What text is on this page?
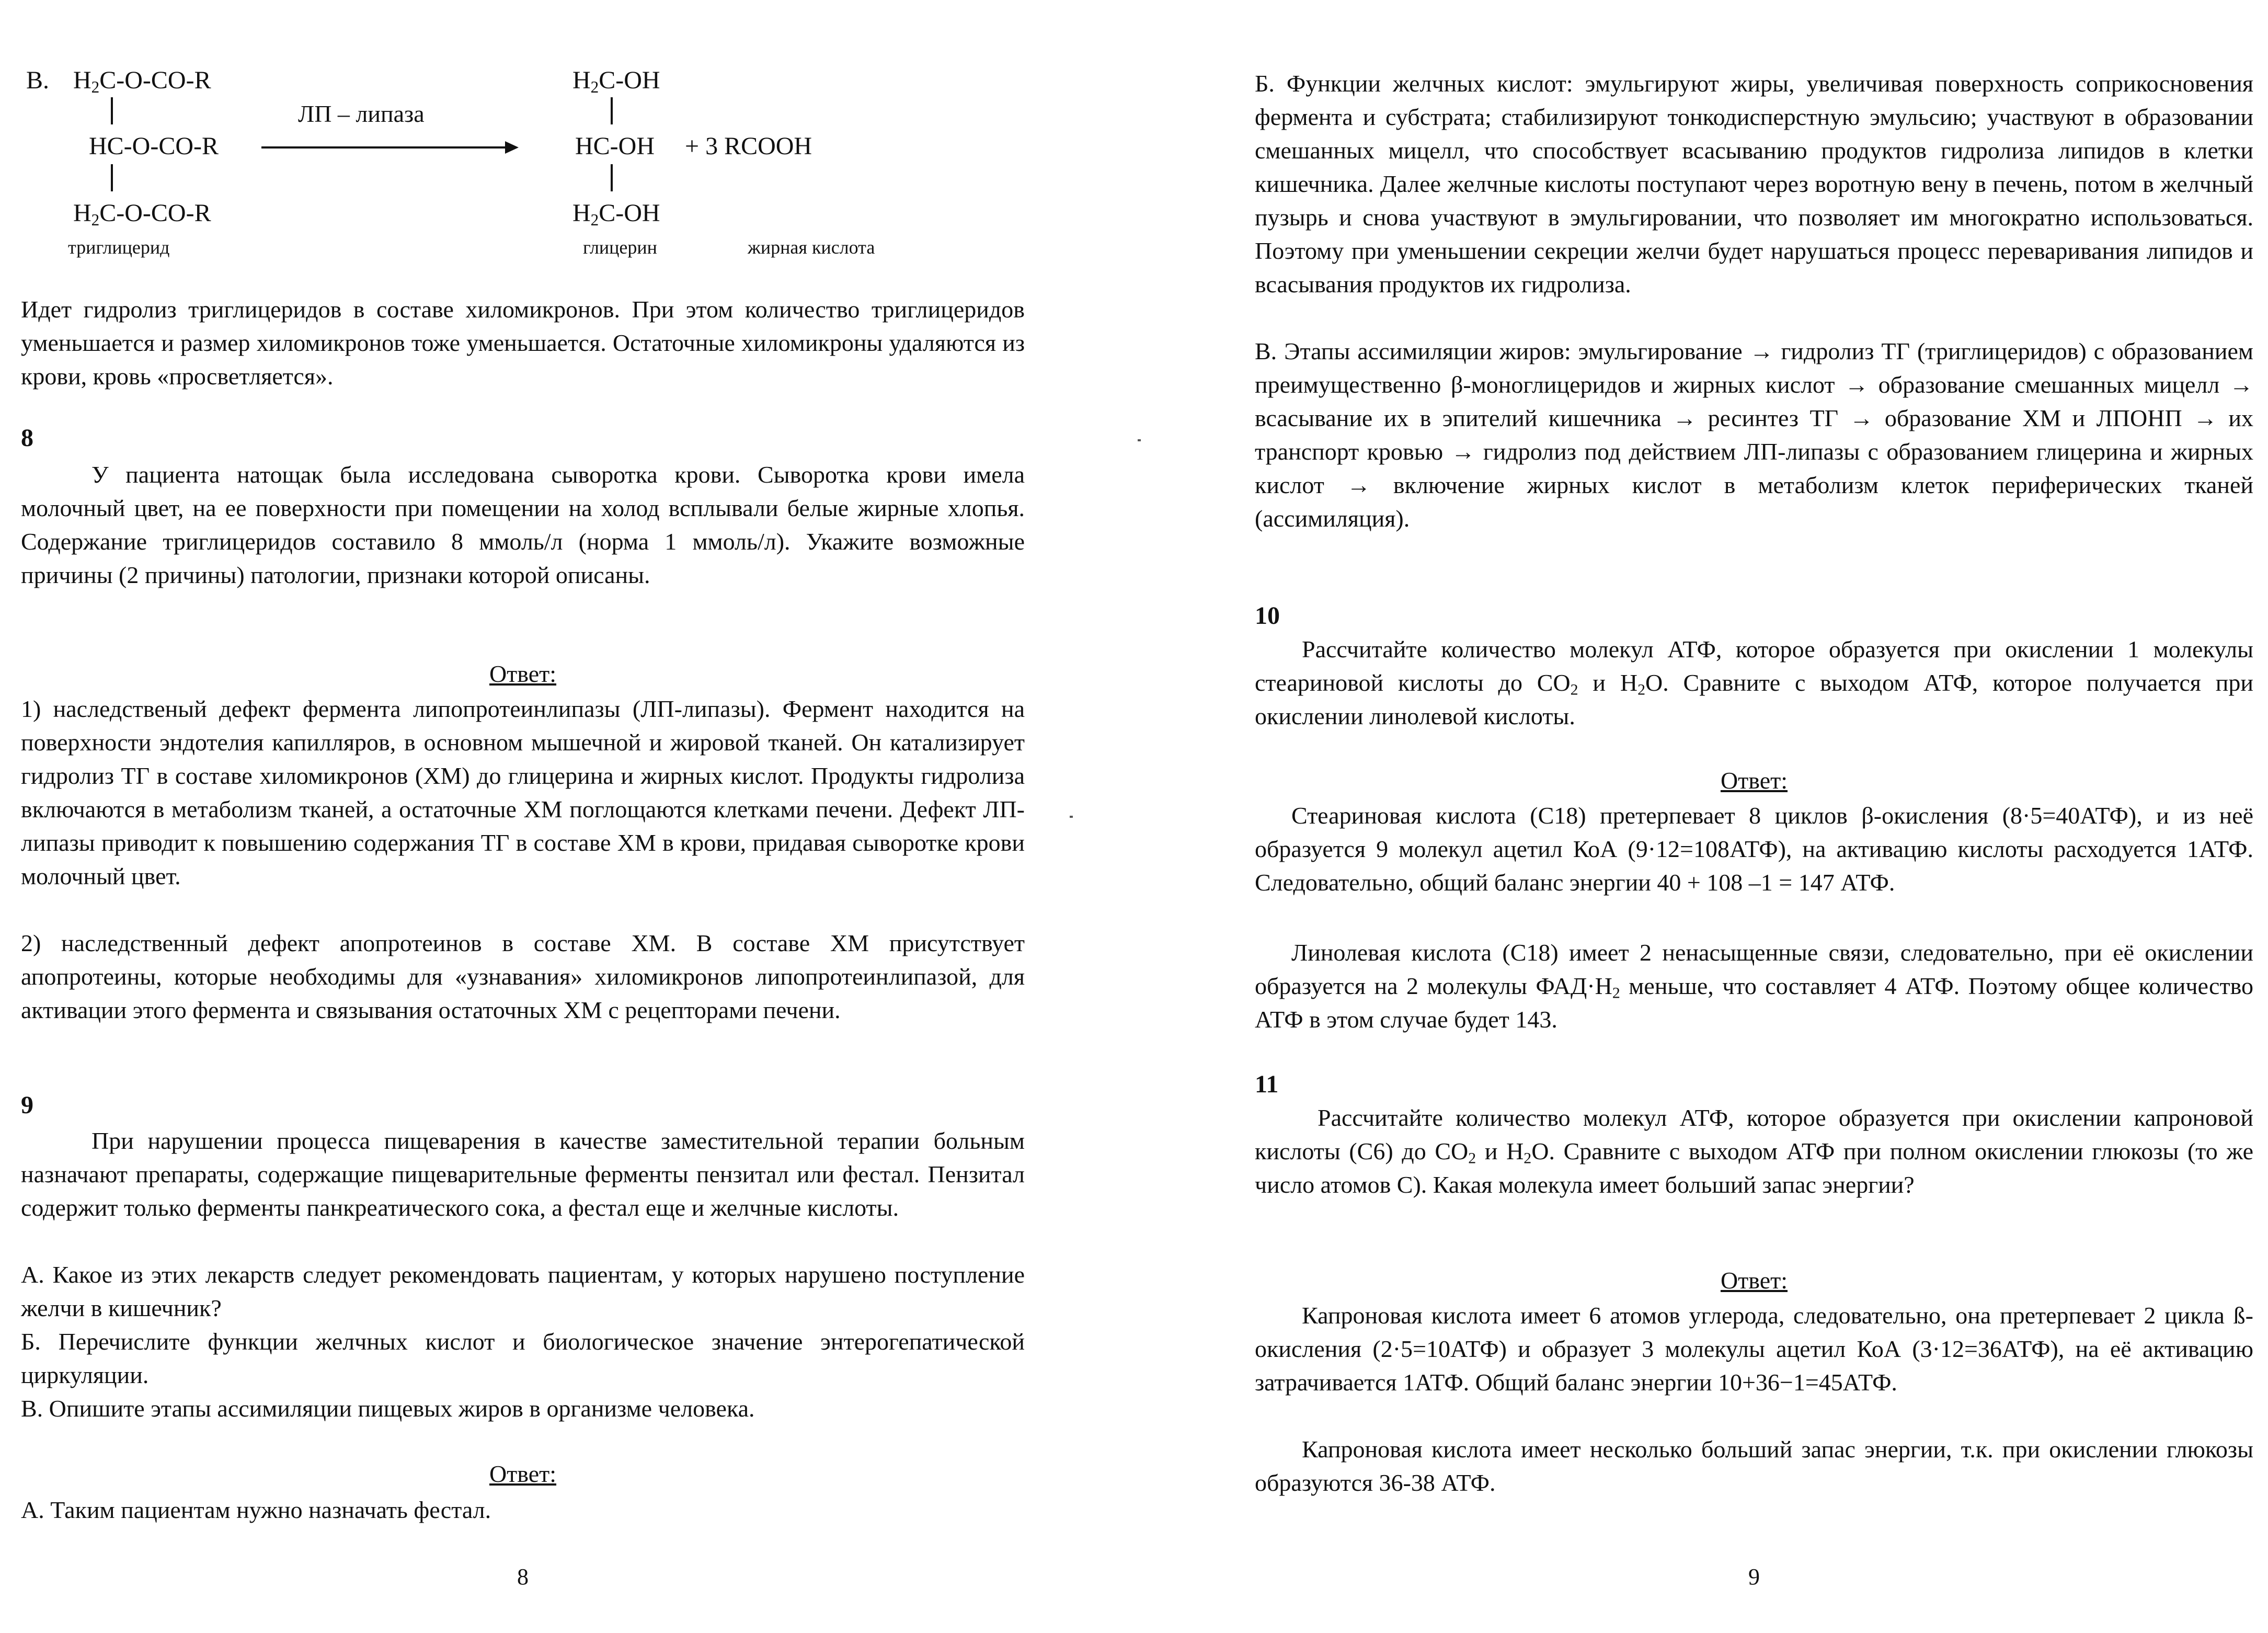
В. $H_2C-O-CO-R$
HC-O-CO-R
$H_2C-O-CO-R$
триглицерид
ЛП – липаза
$H_2C-OH$
HC-OH + 3 RCOOH
$H_2C-OH$
глицерин	жирная кислота

Идет гидролиз триглицеридов в составе хиломикронов. При этом количество триглицеридов уменьшается и размер хиломикронов тоже уменьшается. Остаточные хиломикроны удаляются из крови, кровь «просветляется».

8

У пациента натощак была исследована сыворотка крови. Сыворотка крови имела молочный цвет, на ее поверхности при помещении на холод всплывали белые жирные хлопья. Содержание триглицеридов составило 8 ммоль/л (норма 1 ммоль/л). Укажите возможные причины (2 причины) патологии, признаки которой описаны.

Ответ:

1) наследственый дефект фермента липопротеинлипазы (ЛП-липазы). Фермент находится на поверхности эндотелия капилляров, в основном мышечной и жировой тканей. Он катализирует гидролиз ТГ в составе хиломикронов (ХМ) до глицерина и жирных кислот. Продукты гидролиза включаются в метаболизм тканей, а остаточные ХМ поглощаются клетками печени. Дефект ЛП-липазы приводит к повышению содержания ТГ в составе ХМ в крови, придавая сыворотке крови молочный цвет.

2) наследственный дефект апопротеинов в составе ХМ. В составе ХМ присутствует апопротеины, которые необходимы для «узнавания» хиломикронов липопротеинлипазой, для активации этого фермента и связывания остаточных ХМ с рецепторами печени.

9

При нарушении процесса пищеварения в качестве заместительной терапии больным назначают препараты, содержащие пищеварительные ферменты пензитал или фестал. Пензитал содержит только ферменты панкреатического сока, а фестал еще и желчные кислоты.

А. Какое из этих лекарств следует рекомендовать пациентам, у которых нарушено поступление желчи в кишечник?

Б. Перечислите функции желчных кислот и биологическое значение энтерогепатической циркуляции.

В. Опишите этапы ассимиляции пищевых жиров в организме человека.

Ответ:

А. Таким пациентам нужно назначать фестал.

8

Б. Функции желчных кислот: эмульгируют жиры, увеличивая поверхность соприкосновения фермента и субстрата; стабилизируют тонкодисперстную эмульсию; участвуют в образовании смешанных мицелл, что способствует всасыванию продуктов гидролиза липидов в клетки кишечника. Далее желчные кислоты поступают через воротную вену в печень, потом в желчный пузырь и снова участвуют в эмульгировании, что позволяет им многократно использоваться. Поэтому при уменьшении секреции желчи будет нарушаться процесс переваривания липидов и всасывания продуктов их гидролиза.

В. Этапы ассимиляции жиров: эмульгирование → гидролиз ТГ (триглицеридов) с образованием преимущественно β-моноглицеридов и жирных кислот → образование смешанных мицелл → всасывание их в эпителий кишечника → ресинтез ТГ → образование ХМ и ЛПОНП → их транспорт кровью → гидролиз под действием ЛП-липазы с образованием глицерина и жирных кислот → включение жирных кислот в метаболизм клеток периферических тканей (ассимиляция).

10

Рассчитайте количество молекул АТФ, которое образуется при окислении 1 молекулы стеариновой кислоты до $CO_2$ и $H_2O$. Сравните с выходом АТФ, которое получается при окислении линолевой кислоты.

Ответ:

Стеариновая кислота (С18) претерпевает 8 циклов β-окисления (8·5=40АТФ), и из неё образуется 9 молекул ацетил КоА (9·12=108АТФ), на активацию кислоты расходуется 1АТФ. Следовательно, общий баланс энергии 40 + 108 –1 = 147 АТФ.

Линолевая кислота (С18) имеет 2 ненасыщенные связи, следовательно, при её окислении образуется на 2 молекулы $ФАД\cdot H_2$ меньше, что составляет 4 АТФ. Поэтому общее количество АТФ в этом случае будет 143.

11

Рассчитайте количество молекул АТФ, которое образуется при окислении капроновой кислоты (С6) до $CO_2$ и $H_2O$. Сравните с выходом АТФ при полном окислении глюкозы (то же число атомов С). Какая молекула имеет больший запас энергии?

Ответ:

Капроновая кислота имеет 6 атомов углерода, следовательно, она претерпевает 2 цикла ß-окисления (2·5=10АТФ) и образует 3 молекулы ацетил КоА (3·12=36АТФ), на её активацию затрачивается 1АТФ. Общий баланс энергии 10+36−1=45АТФ.

Капроновая кислота имеет несколько больший запас энергии, т.к. при окислении глюкозы образуются 36-38 АТФ.

9
